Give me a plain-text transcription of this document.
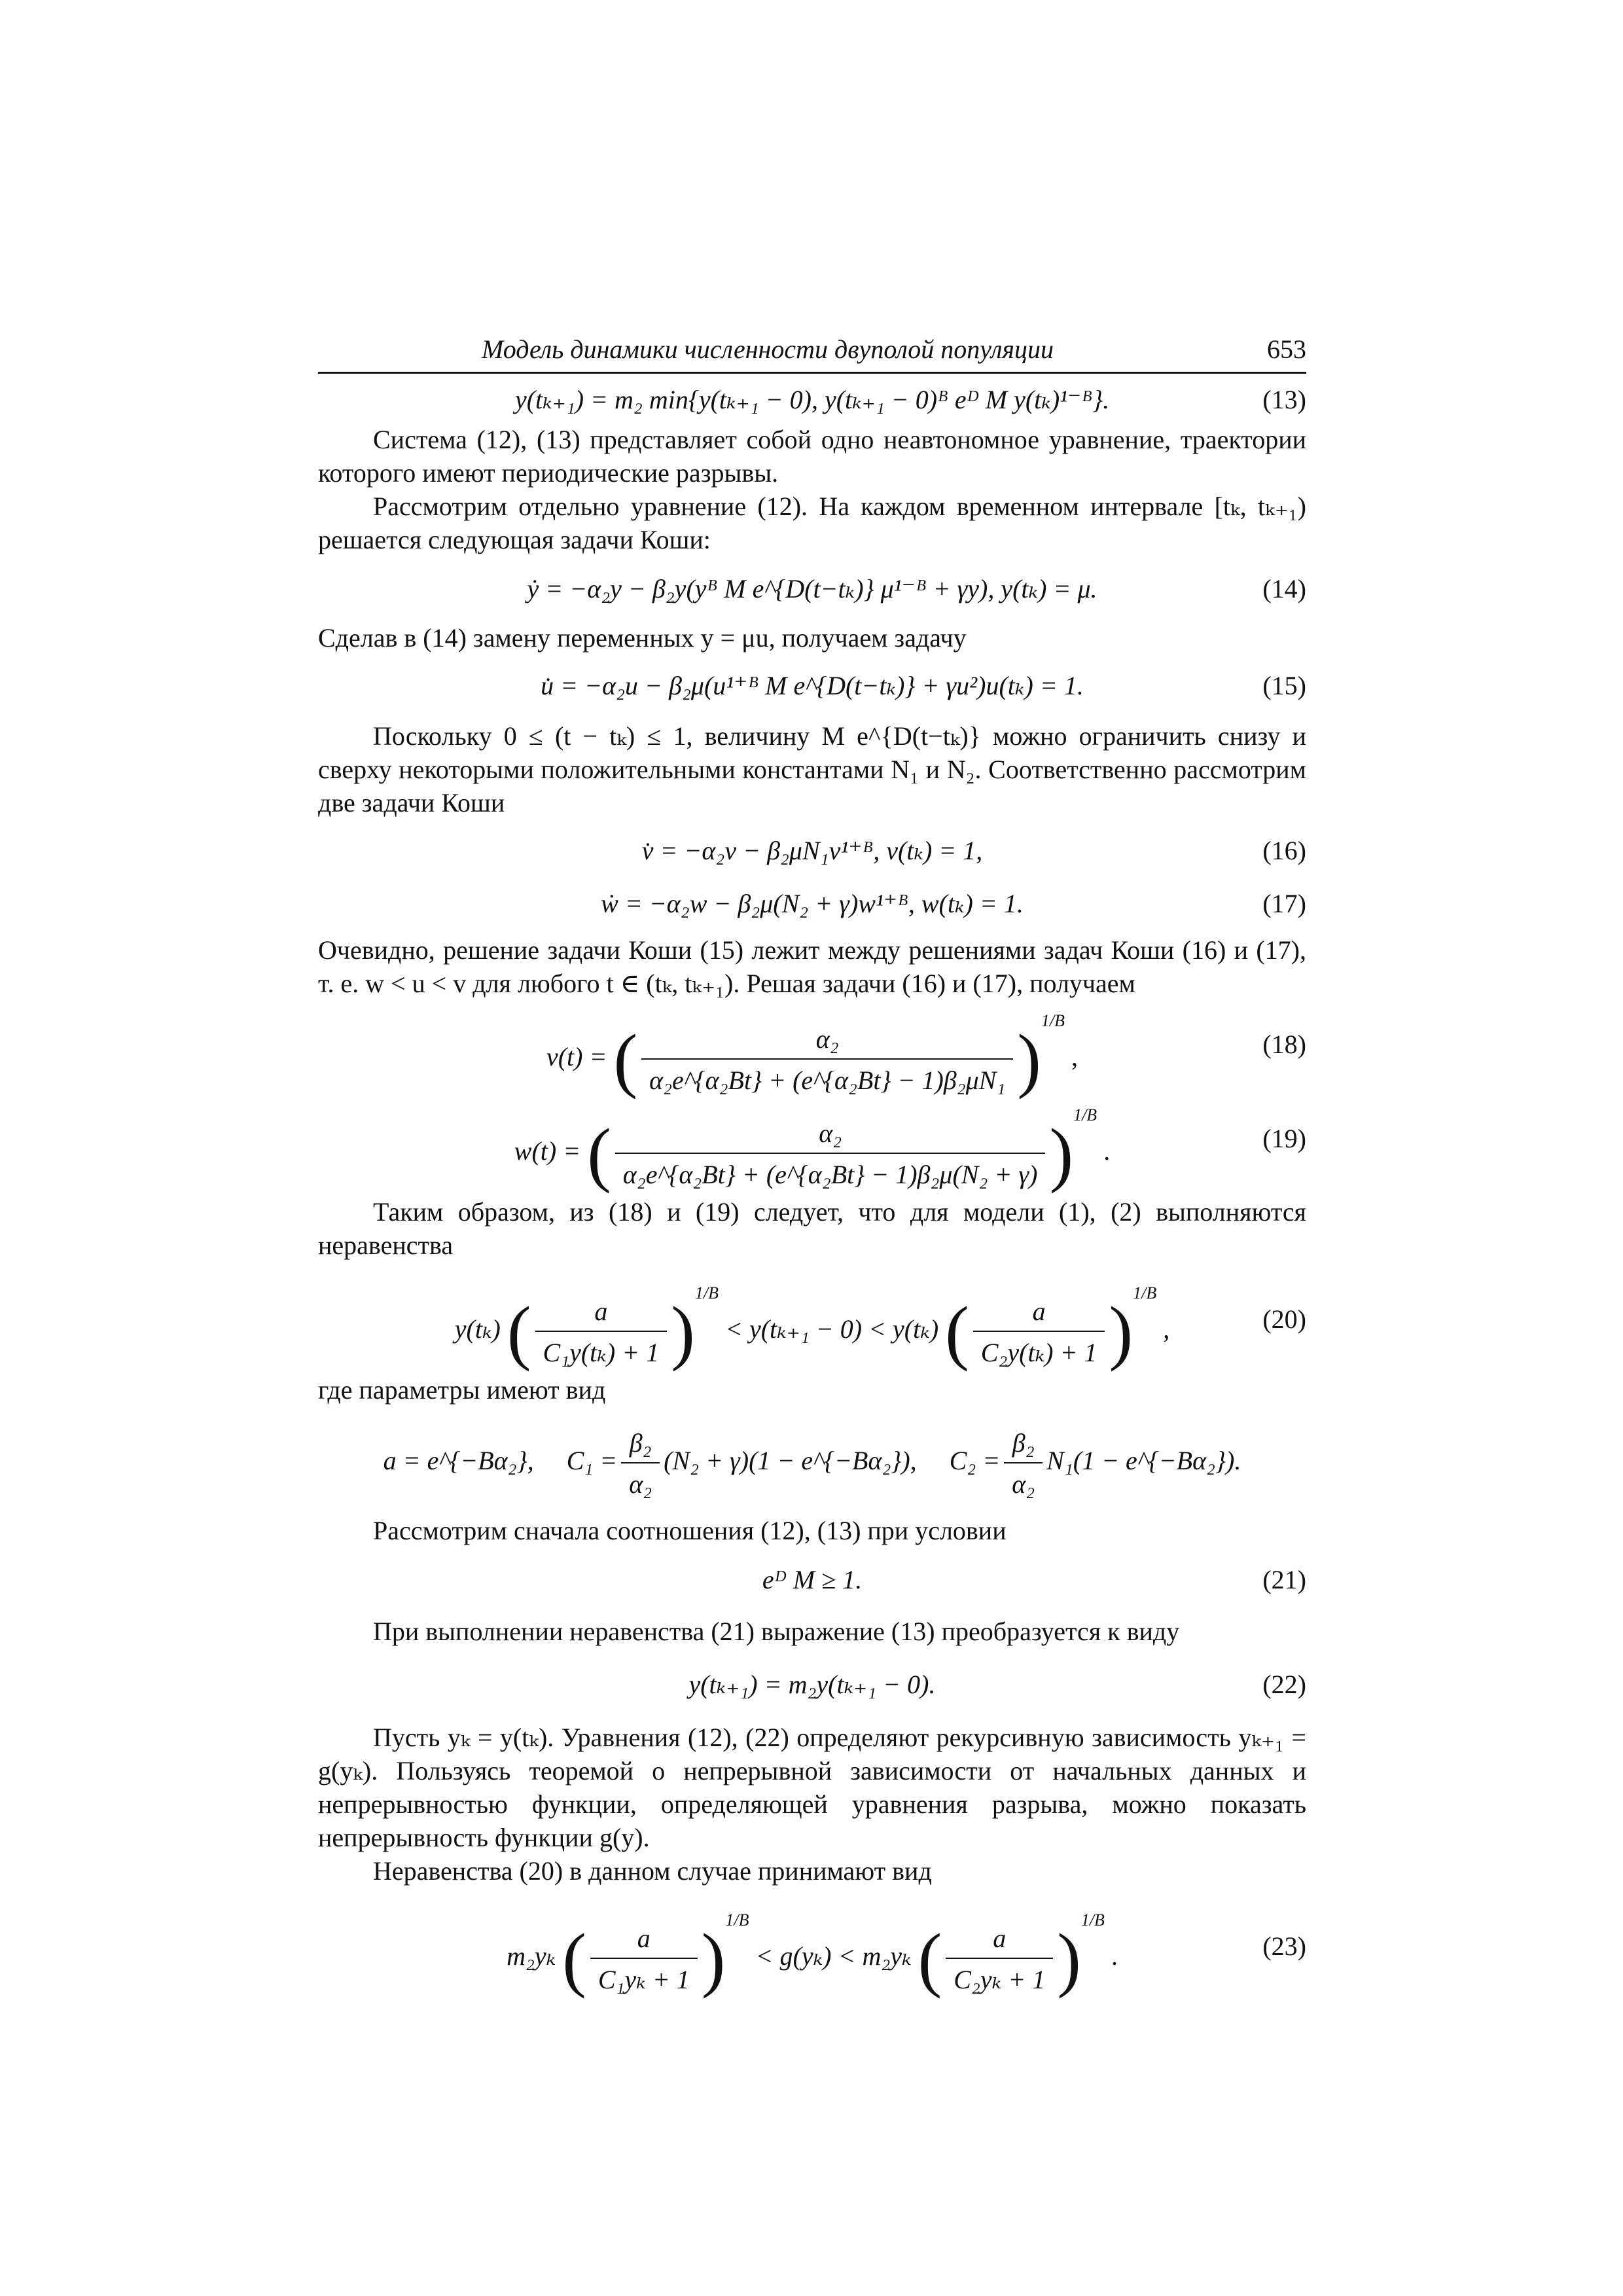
Модель динамики численности двуполой популяции	653
y(tₖ₊₁) = m₂ min{y(tₖ₊₁ − 0), y(tₖ₊₁ − 0)ᴮ eᴰ M y(tₖ)¹⁻ᴮ}.	(13)

Система (12), (13) представляет собой одно неавтономное уравнение, траектории которого имеют периодические разрывы.

Рассмотрим отдельно уравнение (12). На каждом временном интервале [tₖ, tₖ₊₁) решается следующая задачи Коши:

ẏ = −α₂y − β₂y(yᴮ M e^{D(t−tₖ)} μ¹⁻ᴮ + γy), y(tₖ) = μ.	(14)

Сделав в (14) замену переменных y = μu, получаем задачу

u̇ = −α₂u − β₂μ(u¹⁺ᴮ M e^{D(t−tₖ)} + γu²)u(tₖ) = 1.	(15)

Поскольку 0 ≤ (t − tₖ) ≤ 1, величину M e^{D(t−tₖ)} можно ограничить снизу и сверху некоторыми положительными константами N₁ и N₂. Соответственно рассмотрим две задачи Коши

v̇ = −α₂v − β₂μN₁v¹⁺ᴮ, v(tₖ) = 1,	(16)
ẇ = −α₂w − β₂μ(N₂ + γ)w¹⁺ᴮ, w(tₖ) = 1.	(17)

Очевидно, решение задачи Коши (15) лежит между решениями задач Коши (16) и (17), т. е. w < u < v для любого t ∈ (tₖ, tₖ₊₁). Решая задачи (16) и (17), получаем

v(t) = ( $\frac{\text{α₂}}{\text{α₂e\textasciicircum{}\{α₂Bt\} + (e\textasciicircum{}\{α₂Bt\} − 1)β₂μN₁}} )^{1/B}$ ,	(18)
w(t) = ( $\frac{\text{α₂}}{\text{α₂e\textasciicircum{}\{α₂Bt\} + (e\textasciicircum{}\{α₂Bt\} − 1)β₂μ(N₂ + γ)}} )^{1/B}$ .	(19)

Таким образом, из (18) и (19) следует, что для модели (1), (2) выполняются неравенства

y(tₖ) ( $\frac{a}{\text{C₁y(tₖ) + 1}} )^{1/B} < y(t_{k+1} - 0) < y(t_k)$ ( $\frac{a}{\text{C₂y(tₖ) + 1}} )^{1/B}$ ,	(20)

где параметры имеют вид

a = e^{−Bα₂}, $C_1 = \frac{\text{β₂}}{\text{α₂}} (N_2 + \gamma)(1$ − e^{−Bα₂}), $C_2 = \frac{\text{β₂}}{\text{α₂}} N_1(1$ − e^{−Bα₂}).

Рассмотрим сначала соотношения (12), (13) при условии

eᴰ M ≥ 1.	(21)

При выполнении неравенства (21) выражение (13) преобразуется к виду

y(tₖ₊₁) = m₂y(tₖ₊₁ − 0).	(22)

Пусть yₖ = y(tₖ). Уравнения (12), (22) определяют рекурсивную зависимость yₖ₊₁ = g(yₖ). Пользуясь теоремой о непрерывной зависимости от начальных данных и непрерывностью функции, определяющей уравнения разрыва, можно показать непрерывность функции g(y).

Неравенства (20) в данном случае принимают вид

m₂yₖ ( $\frac{a}{\text{C₁yₖ + 1}} )^{1/B} < g(y_k) < m_2y_k$ ( $\frac{a}{\text{C₂yₖ + 1}} )^{1/B}$ .	(23)
